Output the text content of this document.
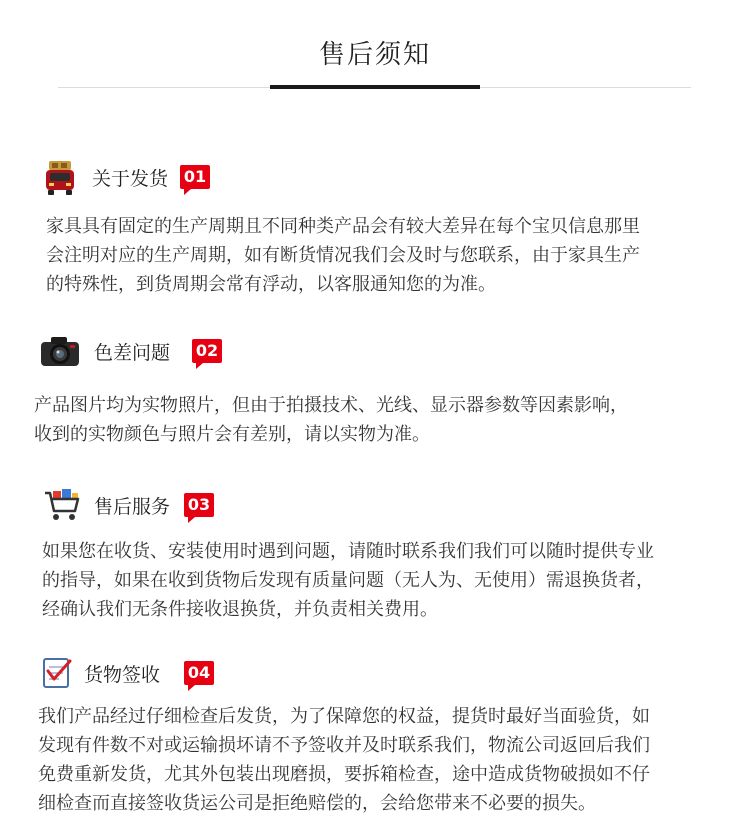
售后须知
关于发货 01

家具具有固定的生产周期且不同种类产品会有较大差异在每个宝贝信息那里
会注明对应的生产周期，如有断货情况我们会及时与您联系，由于家具生产
的特殊性，到货周期会常有浮动，以客服通知您的为准。

色差问题 02

产品图片均为实物照片，但由于拍摄技术、光线、显示器参数等因素影响，
收到的实物颜色与照片会有差别，请以实物为准。

售后服务 03

如果您在收货、安装使用时遇到问题，请随时联系我们我们可以随时提供专业
的指导，如果在收到货物后发现有质量问题（无人为、无使用）需退换货者，
经确认我们无条件接收退换货，并负责相关费用。

货物签收 04

我们产品经过仔细检查后发货，为了保障您的权益，提货时最好当面验货，如
发现有件数不对或运输损坏请不予签收并及时联系我们，物流公司返回后我们
免费重新发货，尤其外包装出现磨损，要拆箱检查，途中造成货物破损如不仔
细检查而直接签收货运公司是拒绝赔偿的，会给您带来不必要的损失。
